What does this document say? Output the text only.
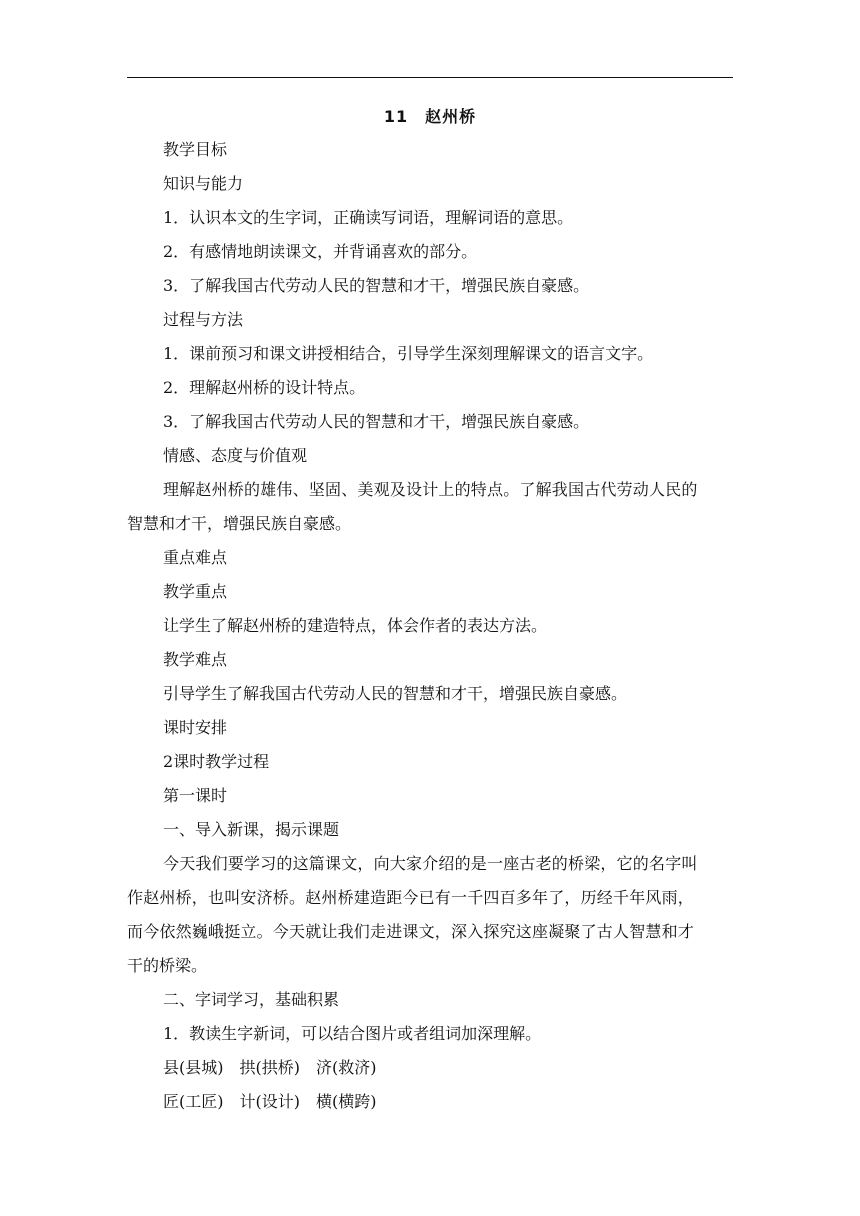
11　赵州桥
教学目标
知识与能力
1．认识本文的生字词，正确读写词语，理解词语的意思。
2．有感情地朗读课文，并背诵喜欢的部分。
3．了解我国古代劳动人民的智慧和才干，增强民族自豪感。
过程与方法
1．课前预习和课文讲授相结合，引导学生深刻理解课文的语言文字。
2．理解赵州桥的设计特点。
3．了解我国古代劳动人民的智慧和才干，增强民族自豪感。
情感、态度与价值观
理解赵州桥的雄伟、坚固、美观及设计上的特点。了解我国古代劳动人民的
智慧和才干，增强民族自豪感。
重点难点
教学重点
让学生了解赵州桥的建造特点，体会作者的表达方法。
教学难点
引导学生了解我国古代劳动人民的智慧和才干，增强民族自豪感。
课时安排
2课时教学过程
第一课时
一、导入新课，揭示课题
今天我们要学习的这篇课文，向大家介绍的是一座古老的桥梁，它的名字叫
作赵州桥，也叫安济桥。赵州桥建造距今已有一千四百多年了，历经千年风雨，
而今依然巍峨挺立。今天就让我们走进课文，深入探究这座凝聚了古人智慧和才
干的桥梁。
二、字词学习，基础积累
1．教读生字新词，可以结合图片或者组词加深理解。
县(县城)　拱(拱桥)　济(救济)
匠(工匠)　计(设计)　横(横跨)
